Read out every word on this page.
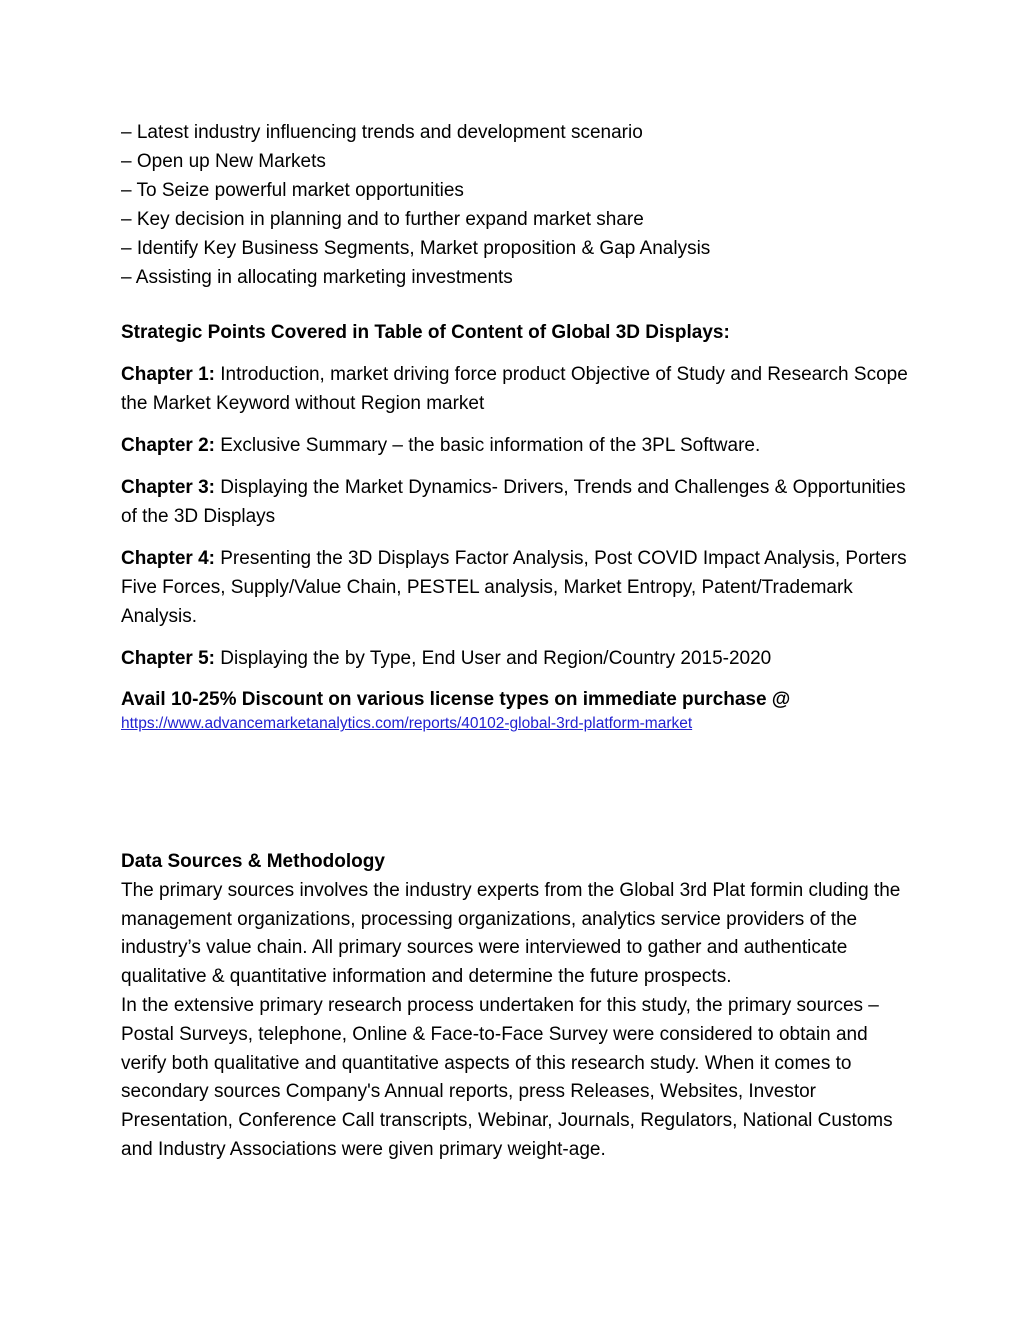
– Latest industry influencing trends and development scenario
– Open up New Markets
– To Seize powerful market opportunities
– Key decision in planning and to further expand market share
– Identify Key Business Segments, Market proposition & Gap Analysis
– Assisting in allocating marketing investments
Strategic Points Covered in Table of Content of Global 3D Displays:

Chapter 1: Introduction, market driving force product Objective of Study and Research Scope the Market Keyword without Region market

Chapter 2: Exclusive Summary – the basic information of the 3PL Software.

Chapter 3: Displaying the Market Dynamics- Drivers, Trends and Challenges & Opportunities of the 3D Displays

Chapter 4: Presenting the 3D Displays Factor Analysis, Post COVID Impact Analysis, Porters Five Forces, Supply/Value Chain, PESTEL analysis, Market Entropy, Patent/Trademark Analysis.

Chapter 5: Displaying the by Type, End User and Region/Country 2015-2020

Avail 10-25% Discount on various license types on immediate purchase @
https://www.advancemarketanalytics.com/reports/40102-global-3rd-platform-market
Data Sources & Methodology

The primary sources involves the industry experts from the Global 3rd Plat formin cluding the management organizations, processing organizations, analytics service providers of the industry’s value chain. All primary sources were interviewed to gather and authenticate qualitative & quantitative information and determine the future prospects.

In the extensive primary research process undertaken for this study, the primary sources – Postal Surveys, telephone, Online & Face-to-Face Survey were considered to obtain and verify both qualitative and quantitative aspects of this research study. When it comes to secondary sources Company's Annual reports, press Releases, Websites, Investor Presentation, Conference Call transcripts, Webinar, Journals, Regulators, National Customs and Industry Associations were given primary weight-age.
